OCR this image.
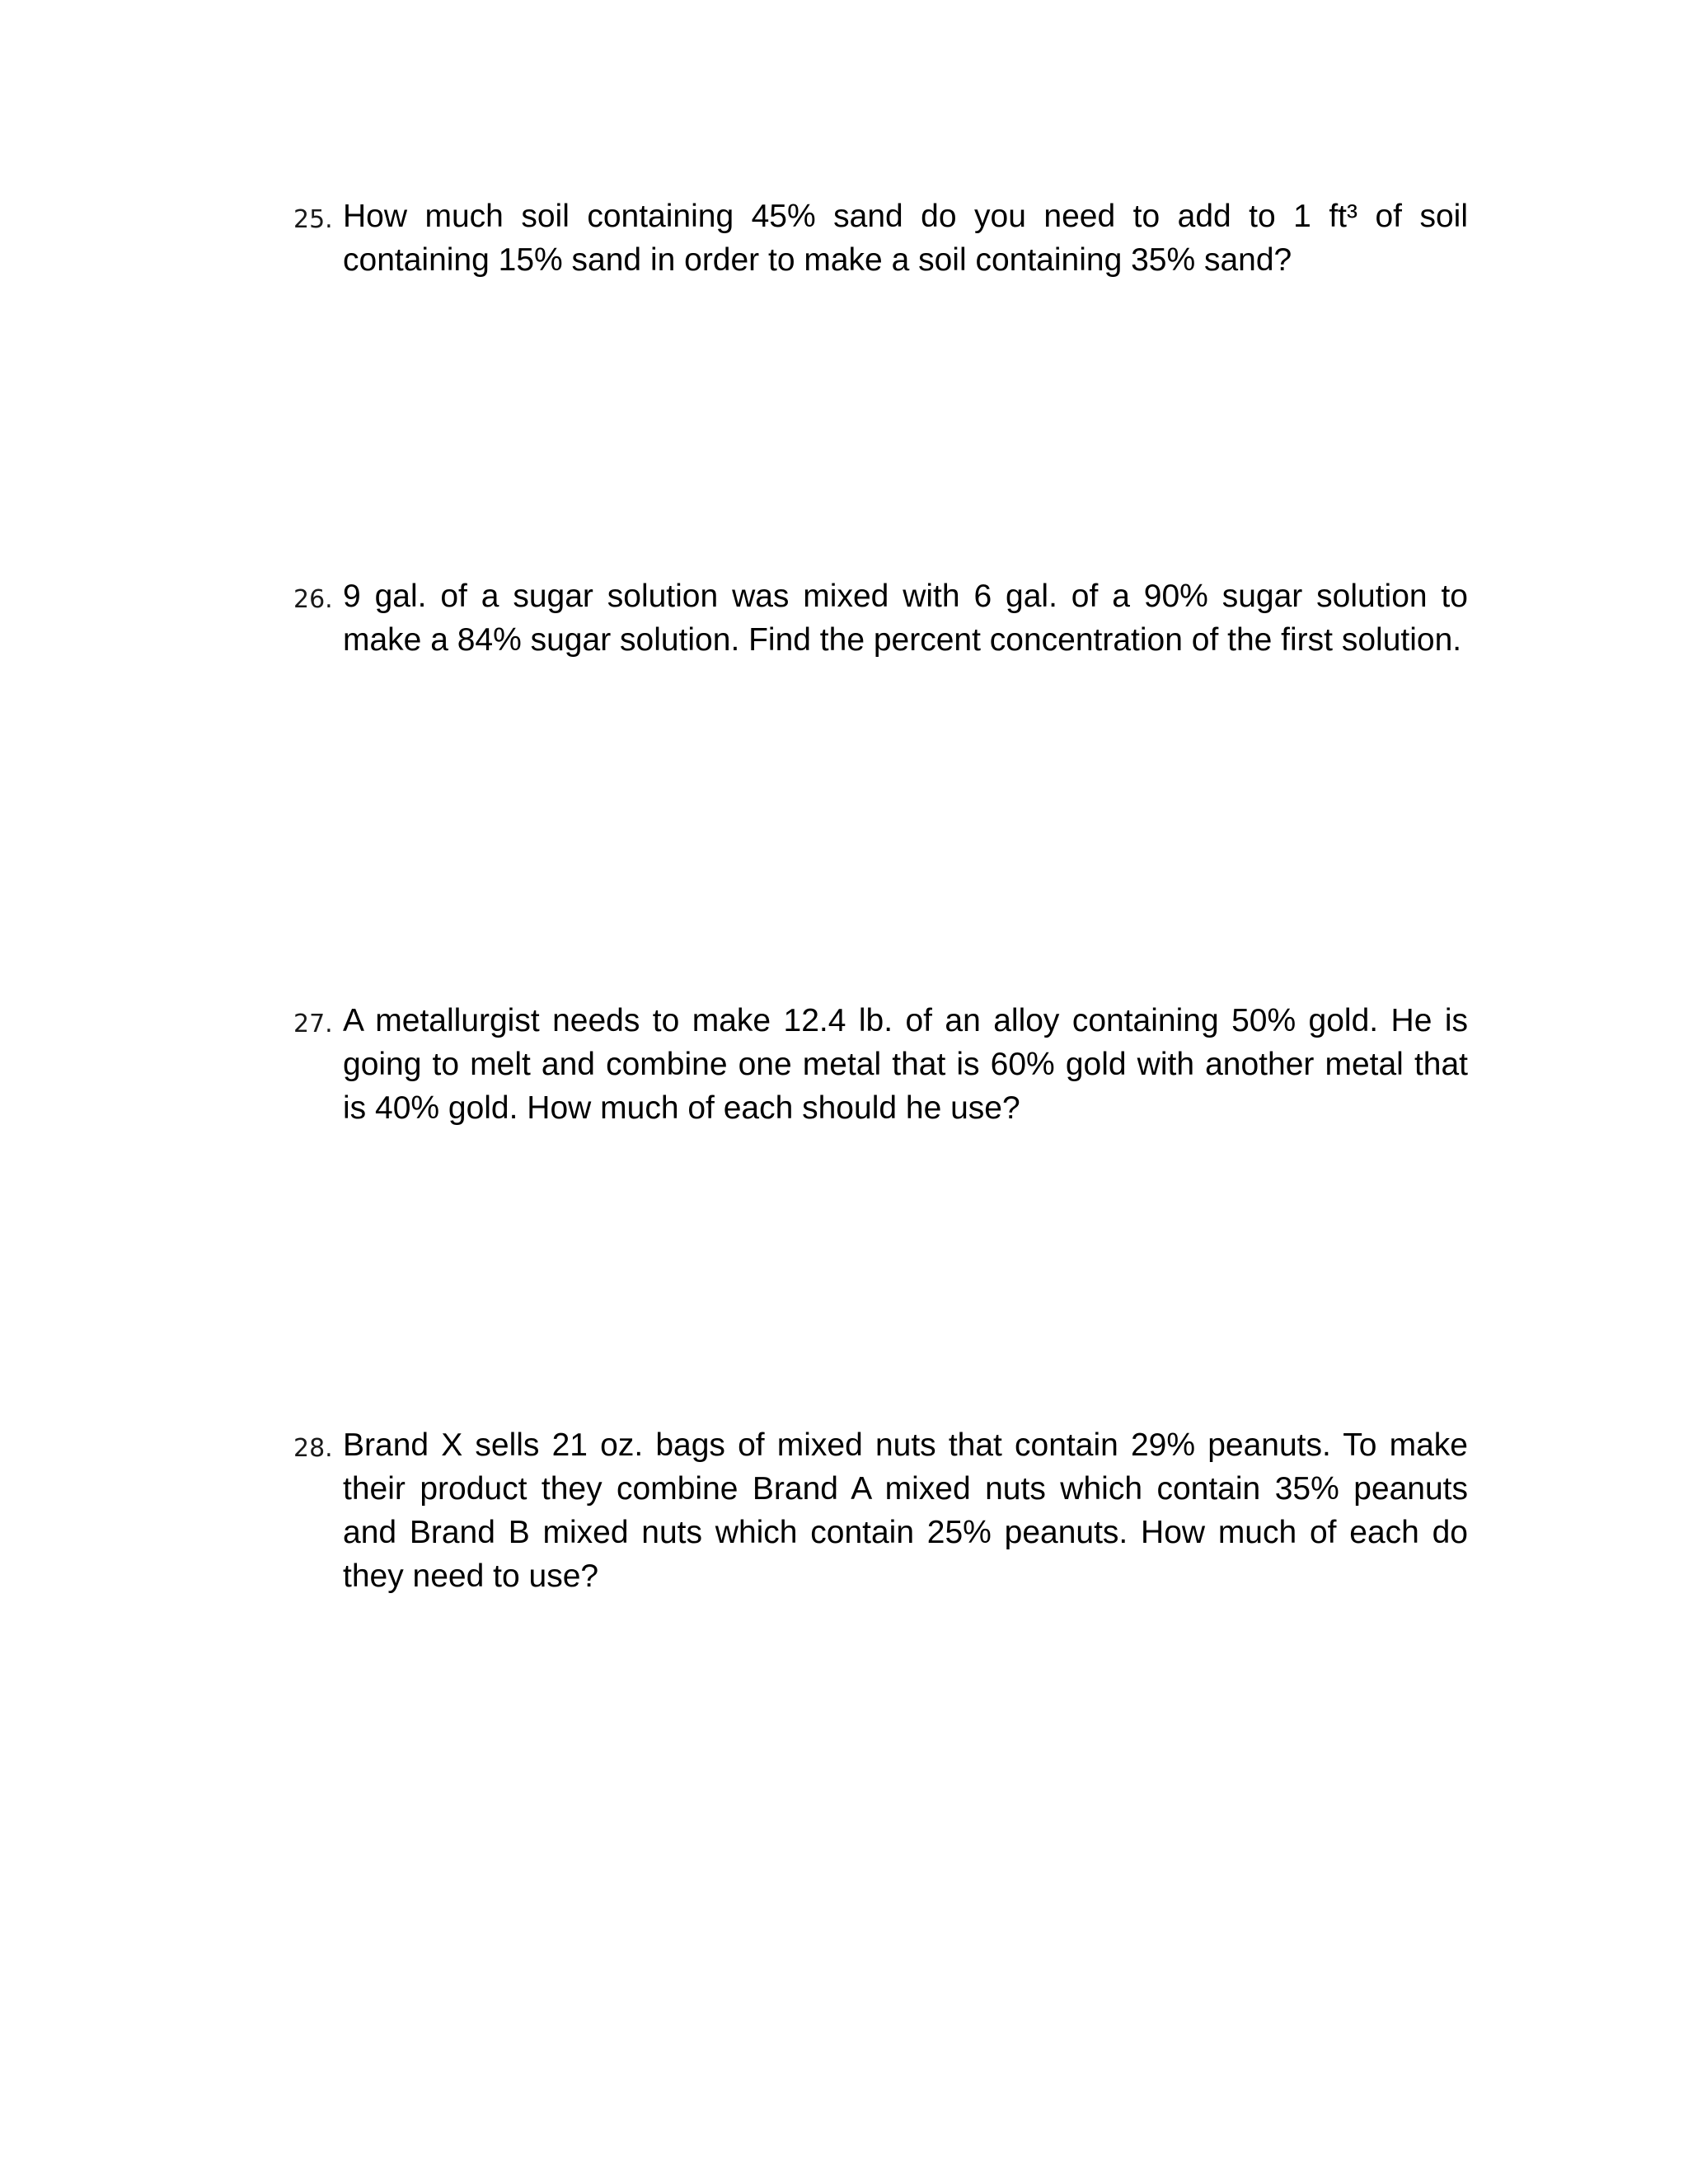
25. How much soil containing 45% sand do you need to add to 1 ft³ of soil containing 15% sand in order to make a soil containing 35% sand?
26. 9 gal. of a sugar solution was mixed with 6 gal. of a 90% sugar solution to make a 84% sugar solution. Find the percent concentration of the first solution.
27. A metallurgist needs to make 12.4 lb. of an alloy containing 50% gold. He is going to melt and combine one metal that is 60% gold with another metal that is 40% gold. How much of each should he use?
28. Brand X sells 21 oz. bags of mixed nuts that contain 29% peanuts. To make their product they combine Brand A mixed nuts which contain 35% peanuts and Brand B mixed nuts which contain 25% peanuts. How much of each do they need to use?
